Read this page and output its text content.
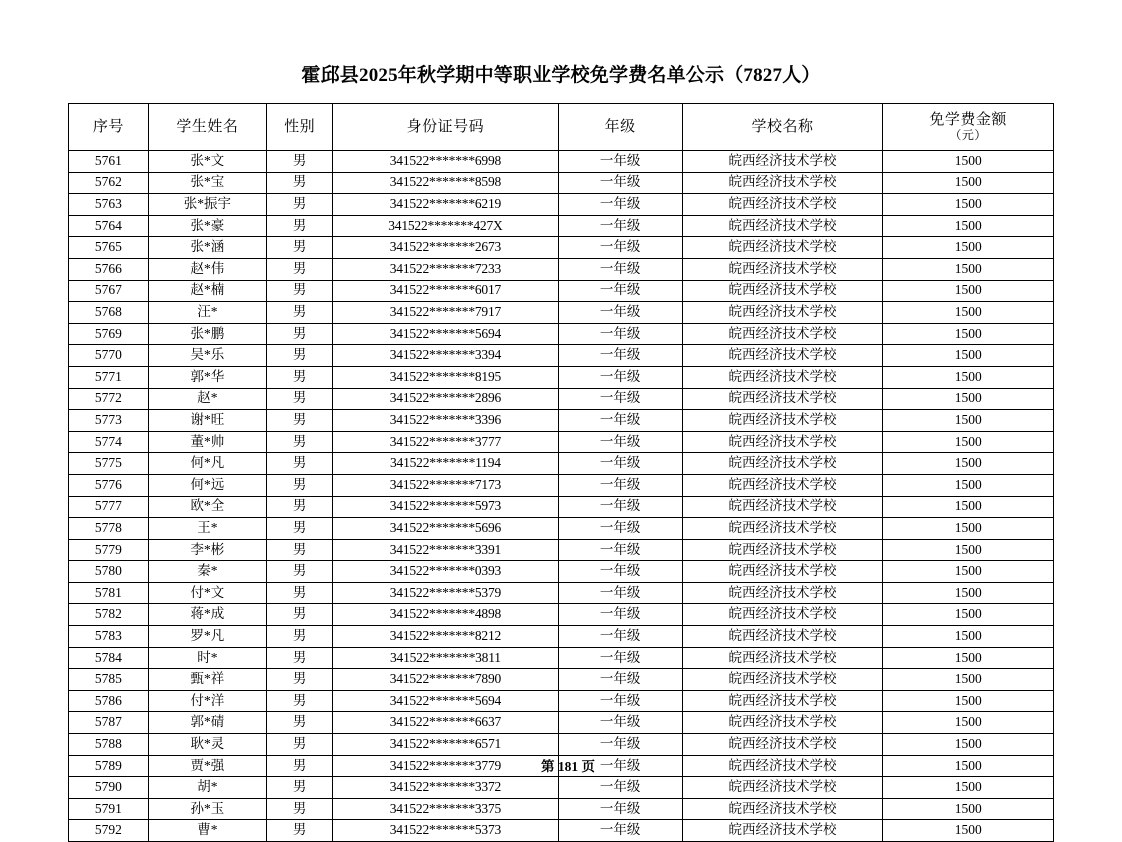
霍邱县2025年秋学期中等职业学校免学费名单公示（7827人）
序号	学生姓名	性别	身份证号码	年级	学校名称	免学费金额
（元）

5761	张*文	男	341522*******6998	一年级	皖西经济技术学校	1500
5762	张*宝	男	341522*******8598	一年级	皖西经济技术学校	1500
5763	张*振宇	男	341522*******6219	一年级	皖西经济技术学校	1500
5764	张*豪	男	341522*******427X	一年级	皖西经济技术学校	1500
5765	张*涵	男	341522*******2673	一年级	皖西经济技术学校	1500
5766	赵*伟	男	341522*******7233	一年级	皖西经济技术学校	1500
5767	赵*楠	男	341522*******6017	一年级	皖西经济技术学校	1500
5768	汪*	男	341522*******7917	一年级	皖西经济技术学校	1500
5769	张*鹏	男	341522*******5694	一年级	皖西经济技术学校	1500
5770	吴*乐	男	341522*******3394	一年级	皖西经济技术学校	1500
5771	郭*华	男	341522*******8195	一年级	皖西经济技术学校	1500
5772	赵*	男	341522*******2896	一年级	皖西经济技术学校	1500
5773	谢*旺	男	341522*******3396	一年级	皖西经济技术学校	1500
5774	董*帅	男	341522*******3777	一年级	皖西经济技术学校	1500
5775	何*凡	男	341522*******1194	一年级	皖西经济技术学校	1500
5776	何*远	男	341522*******7173	一年级	皖西经济技术学校	1500
5777	欧*全	男	341522*******5973	一年级	皖西经济技术学校	1500
5778	王*	男	341522*******5696	一年级	皖西经济技术学校	1500
5779	李*彬	男	341522*******3391	一年级	皖西经济技术学校	1500
5780	秦*	男	341522*******0393	一年级	皖西经济技术学校	1500
5781	付*文	男	341522*******5379	一年级	皖西经济技术学校	1500
5782	蒋*成	男	341522*******4898	一年级	皖西经济技术学校	1500
5783	罗*凡	男	341522*******8212	一年级	皖西经济技术学校	1500
5784	时*	男	341522*******3811	一年级	皖西经济技术学校	1500
5785	甄*祥	男	341522*******7890	一年级	皖西经济技术学校	1500
5786	付*洋	男	341522*******5694	一年级	皖西经济技术学校	1500
5787	郭*碃	男	341522*******6637	一年级	皖西经济技术学校	1500
5788	耿*灵	男	341522*******6571	一年级	皖西经济技术学校	1500
5789	贾*强	男	341522*******3779	一年级	皖西经济技术学校	1500
5790	胡*	男	341522*******3372	一年级	皖西经济技术学校	1500
5791	孙*玉	男	341522*******3375	一年级	皖西经济技术学校	1500
5792	曹*	男	341522*******5373	一年级	皖西经济技术学校	1500
第 181 页
